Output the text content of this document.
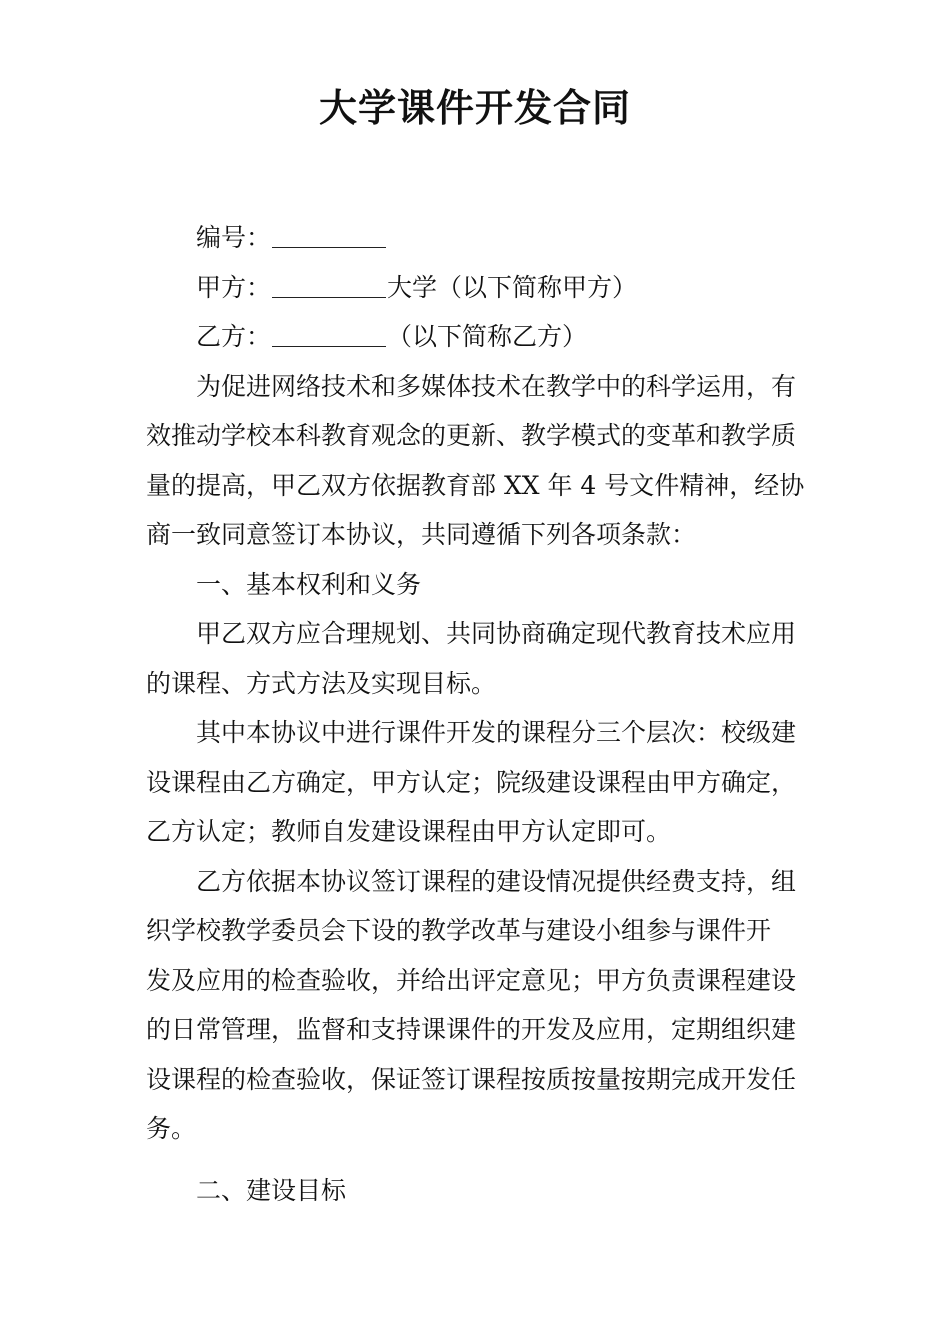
大学课件开发合同
编号：
甲方：	大学（以下简称甲方）
乙方：	（以下简称乙方）
为促进网络技术和多媒体技术在教学中的科学运用，有
效推动学校本科教育观念的更新、教学模式的变革和教学质
量的提高，甲乙双方依据教育部 XX 年 4 号文件精神，经协
商一致同意签订本协议，共同遵循下列各项条款：
一、基本权利和义务
甲乙双方应合理规划、共同协商确定现代教育技术应用
的课程、方式方法及实现目标。
其中本协议中进行课件开发的课程分三个层次：校级建
设课程由乙方确定，甲方认定；院级建设课程由甲方确定，
乙方认定；教师自发建设课程由甲方认定即可。
乙方依据本协议签订课程的建设情况提供经费支持，组
织学校教学委员会下设的教学改革与建设小组参与课件开
发及应用的检查验收，并给出评定意见；甲方负责课程建设
的日常管理，监督和支持课课件的开发及应用，定期组织建
设课程的检查验收，保证签订课程按质按量按期完成开发任
务。
二、建设目标
